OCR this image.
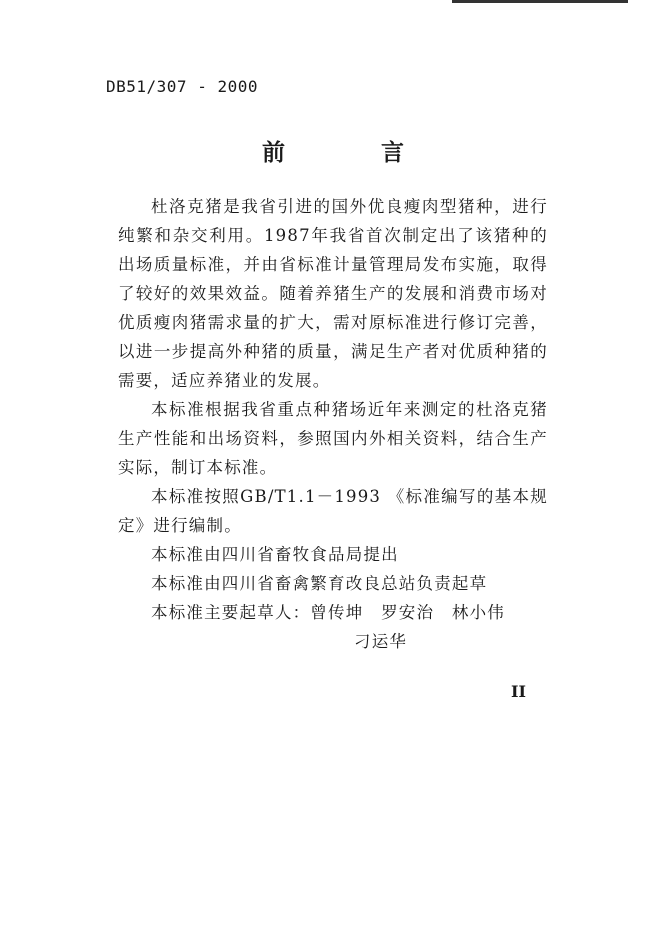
DB51/307 - 2000

前 言

杜洛克猪是我省引进的国外优良瘦肉型猪种，进行纯繁和杂交利用。1987年我省首次制定出了该猪种的出场质量标准，并由省标准计量管理局发布实施，取得了较好的效果效益。随着养猪生产的发展和消费市场对优质瘦肉猪需求量的扩大，需对原标准进行修订完善，以进一步提高外种猪的质量，满足生产者对优质种猪的需要，适应养猪业的发展。

本标准根据我省重点种猪场近年来测定的杜洛克猪生产性能和出场资料，参照国内外相关资料，结合生产实际，制订本标准。

本标准按照GB/T1.1－1993 《标准编写的基本规定》进行编制。

本标准由四川省畜牧食品局提出

本标准由四川省畜禽繁育改良总站负责起草

本标准主要起草人：曾传坤　罗安治　林小伟

刁运华

II
